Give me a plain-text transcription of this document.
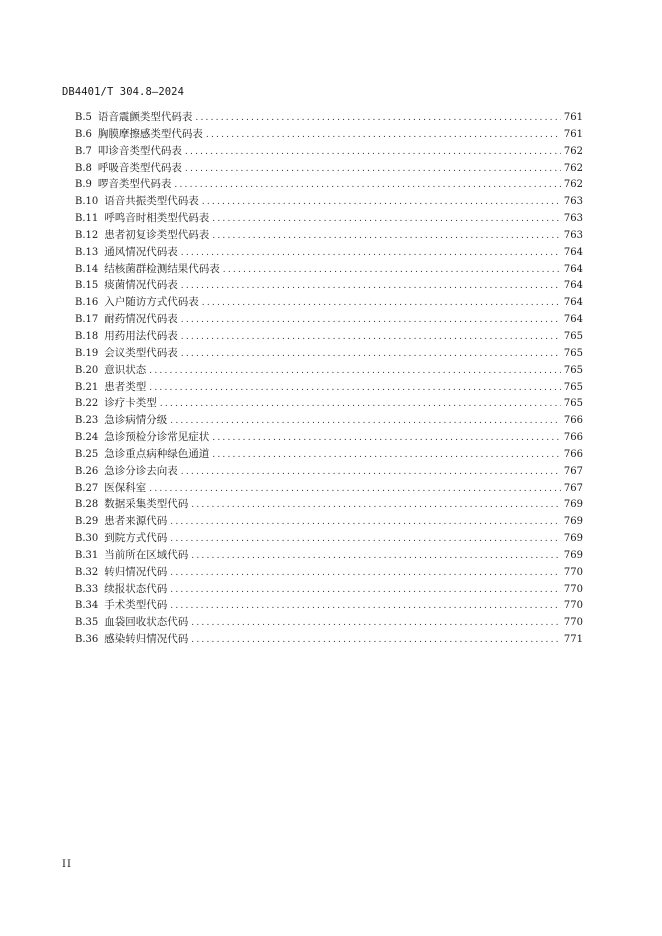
DB4401/T 304.8—2024
B.5 语音震颤类型代码表 .....	761
B.6 胸膜摩擦感类型代码表 .....	761
B.7 叩诊音类型代码表 .....	762
B.8 呼吸音类型代码表 .....	762
B.9 啰音类型代码表 .....	762
B.10 语音共振类型代码表 .....	763
B.11 呼鸣音时相类型代码表 .....	763
B.12 患者初复诊类型代码表 .....	763
B.13 通风情况代码表 .....	764
B.14 结核菌群检测结果代码表 .....	764
B.15 痰菌情况代码表 .....	764
B.16 入户随访方式代码表 .....	764
B.17 耐药情况代码表 .....	764
B.18 用药用法代码表 .....	765
B.19 会议类型代码表 .....	765
B.20 意识状态 .....	765
B.21 患者类型 .....	765
B.22 诊疗卡类型 .....	765
B.23 急诊病情分级 .....	766
B.24 急诊预检分诊常见症状 .....	766
B.25 急诊重点病种绿色通道 .....	766
B.26 急诊分诊去向表 .....	767
B.27 医保科室 .....	767
B.28 数据采集类型代码 .....	769
B.29 患者来源代码 .....	769
B.30 到院方式代码 .....	769
B.31 当前所在区域代码 .....	769
B.32 转归情况代码 .....	770
B.33 续报状态代码 .....	770
B.34 手术类型代码 .....	770
B.35 血袋回收状态代码 .....	770
B.36 感染转归情况代码 .....	771
II
